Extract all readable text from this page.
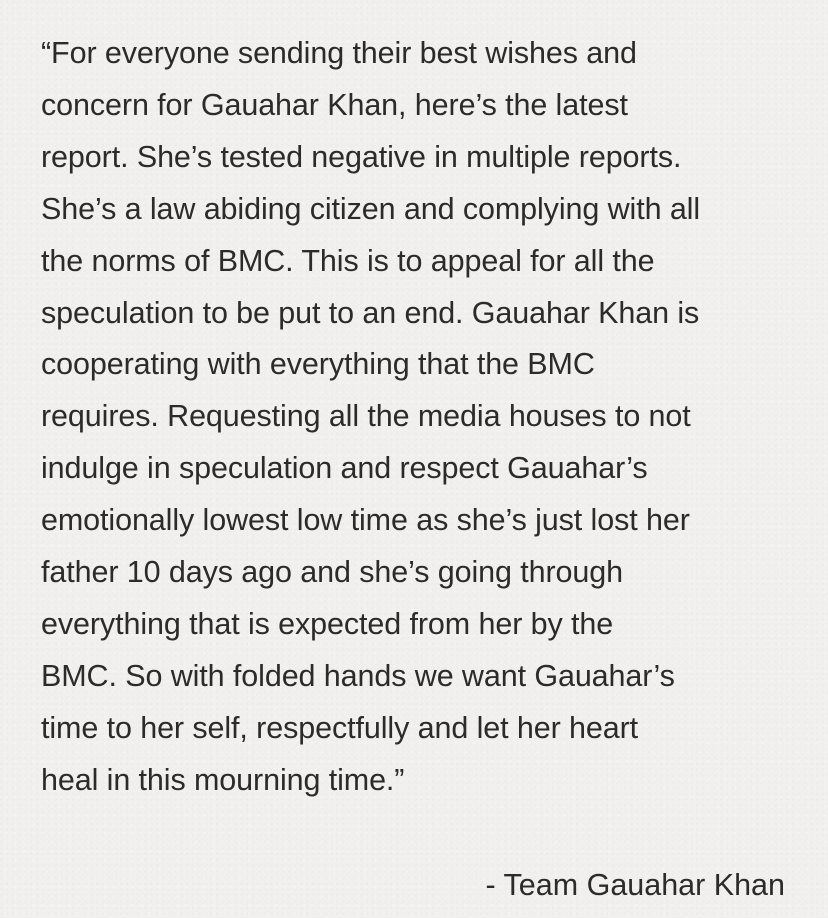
“For everyone sending their best wishes and
concern for Gauahar Khan, here’s the latest
report. She’s tested negative in multiple reports.
She’s a law abiding citizen and complying with all
the norms of BMC. This is to appeal for all the
speculation to be put to an end. Gauahar Khan is
cooperating with everything that the BMC
requires. Requesting all the media houses to not
indulge in speculation and respect Gauahar’s
emotionally lowest low time as she’s just lost her
father 10 days ago and she’s going through
everything that is expected from her by the
BMC. So with folded hands we want Gauahar’s
time to her self, respectfully and let her heart
heal in this mourning time.”

- Team Gauahar Khan
